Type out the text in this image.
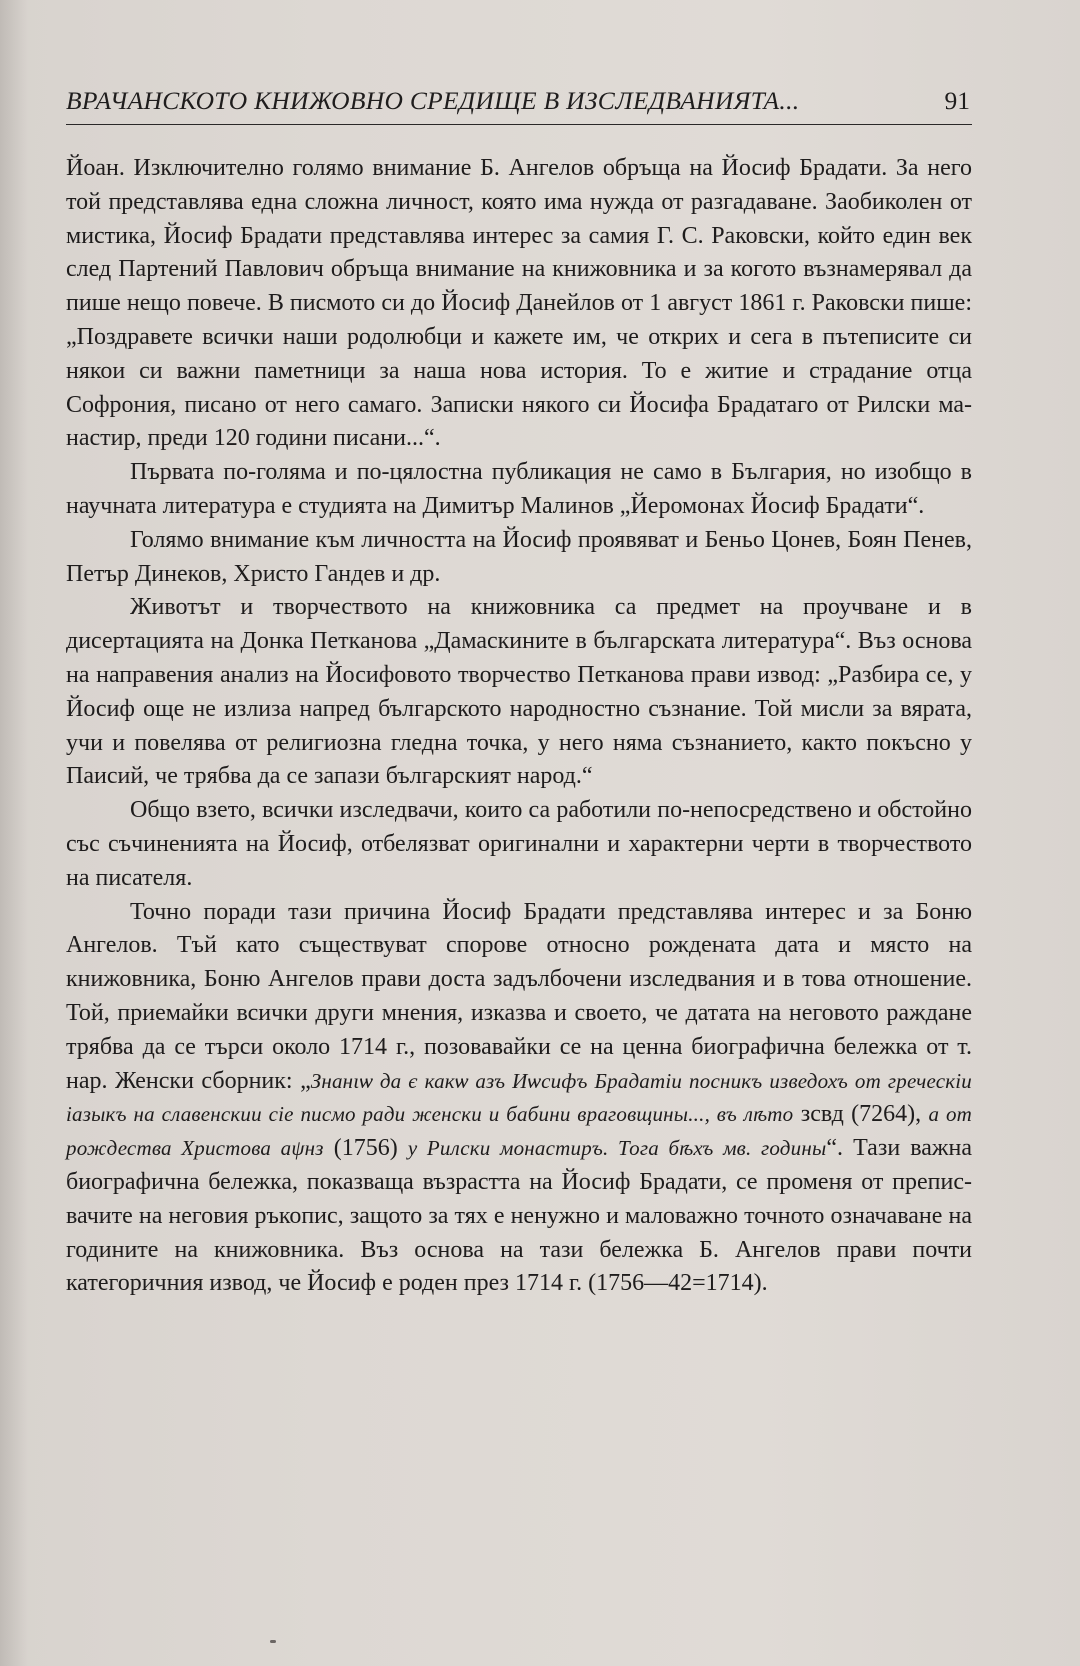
ВРАЧАНСКОТО КНИЖОВНО СРЕДИЩЕ В ИЗСЛЕДВАНИЯТА...	91

Йоан. Изключително голямо внимание Б. Ангелов обръща на Йосиф Брадати. За него той представлява една сложна личност, която има нужда от разгадаване. Заобиколен от мистика, Йосиф Брадати представлява интерес за самия Г. С. Раковски, който един век след Партений Павлович обръща внимание на книжовника и за когото възнамерявал да пише нещо повече. В писмото си до Йосиф Данейлов от 1 август 1861 г. Раковски пише: „Поздравете всички наши родолюбци и кажете им, че открих и сега в пътеписите си някои си важни паметници за наша нова история. То е житие и страдание отца Софрония, писано от него самаго. Записки някого си Йосифа Брадатаго от Рилски манастир, преди 120 години писани...“.

Първата по-голяма и по-цялостна публикация не само в България, но изобщо в научната литература е студията на Димитър Малинов „Йеромонах Йосиф Брадати“.

Голямо внимание към личността на Йосиф проявяват и Беньо Цонев, Боян Пенев, Петър Динеков, Христо Гандев и др.

Животът и творчеството на книжовника са предмет на проучване и в дисертацията на Донка Петканова „Дамаскините в българската литература“. Въз основа на направения анализ на Йосифовото творчество Петканова прави извод: „Разбира се, у Йосиф още не излиза напред българското народностно съзнание. Той мисли за вярата, учи и повелява от религиозна гледна точка, у него няма съзнанието, както покъсно у Паисий, че трябва да се запази българският народ.“

Общо взето, всички изследвачи, които са работили по-непосредствено и обстойно със съчиненията на Йосиф, отбелязват оригинални и характерни черти в творчеството на писателя.

Точно поради тази причина Йосиф Брадати представлява интерес и за Боню Ангелов. Тъй като съществуват спорове относно рождената дата и място на книжовника, Боню Ангелов прави доста задълбочени изследвания и в това отношение. Той, приемайки всички други мнения, изказва и своето, че датата на неговото раждане трябва да се търси около 1714 г., позовавайки се на ценна биографична бележка от т. нар. Женски сборник: „Знанιѡ да є какѡ азъ Иѡсифъ Брадатiи посникъ изведохъ от греческiи iазыкъ на славенскии сiе писмо ради женски и бабини враговщины..., въ лѣто зсвд (7264), а от рождества Христова аψнз (1756) у Рилски монастиръ. Тога бѣхъ мв. годины“. Тази важна биографична бележка, показваща възрастта на Йосиф Брадати, се променя от преписвачите на неговия ръкопис, защото за тях е ненужно и маловажно точното означаване на годините на книжовника. Въз основа на тази бележка Б. Ангелов прави почти категоричния извод, че Йосиф е роден през 1714 г. (1756—42=1714).
